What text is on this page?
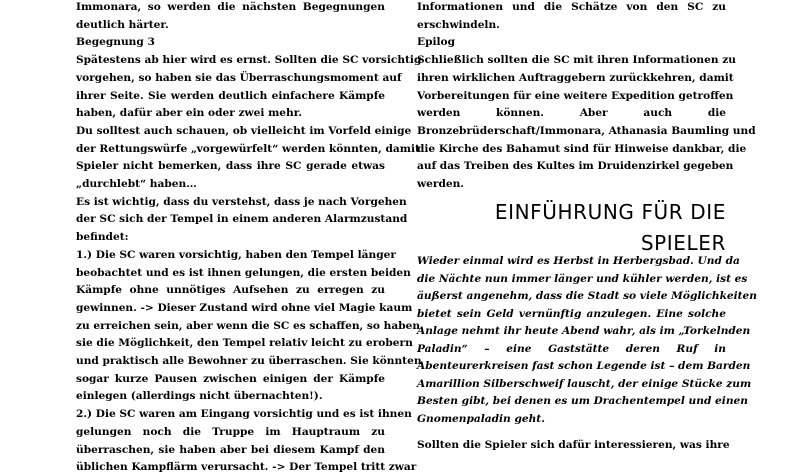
Immonara, so werden die nächsten Begegnungen
deutlich härter.
Begegnung 3
Spätestens ab hier wird es ernst. Sollten die SC vorsichtig
vorgehen, so haben sie das Überraschungsmoment auf
ihrer Seite. Sie werden deutlich einfachere Kämpfe
haben, dafür aber ein oder zwei mehr.
Du solltest auch schauen, ob vielleicht im Vorfeld einige
der Rettungswürfe „vorgewürfelt“ werden könnten, damit
Spieler nicht bemerken, dass ihre SC gerade etwas
„durchlebt“ haben…
Es ist wichtig, dass du verstehst, dass je nach Vorgehen
der SC sich der Tempel in einem anderen Alarmzustand
befindet:
1.) Die SC waren vorsichtig, haben den Tempel länger
beobachtet und es ist ihnen gelungen, die ersten beiden
Kämpfe ohne unnötiges Aufsehen zu erregen zu
gewinnen. -> Dieser Zustand wird ohne viel Magie kaum
zu erreichen sein, aber wenn die SC es schaffen, so haben
sie die Möglichkeit, den Tempel relativ leicht zu erobern
und praktisch alle Bewohner zu überraschen. Sie könnten
sogar kurze Pausen zwischen einigen der Kämpfe
einlegen (allerdings nicht übernachten!).
2.) Die SC waren am Eingang vorsichtig und es ist ihnen
gelungen noch die Truppe im Hauptraum zu
überraschen, sie haben aber bei diesem Kampf den
üblichen Kampflärm verursacht. -> Der Tempel tritt zwar
Informationen und die Schätze von den SC zu
erschwindeln.
Epilog
Schließlich sollten die SC mit ihren Informationen zu
ihren wirklichen Auftraggebern zurückkehren, damit
Vorbereitungen für eine weitere Expedition getroffen
werden können. Aber auch die
Bronzebrüderschaft/Immonara, Athanasia Baumling und
die Kirche des Bahamut sind für Hinweise dankbar, die
auf das Treiben des Kultes im Druidenzirkel gegeben
werden.
EINFÜHRUNG FÜR DIE
SPIELER
Wieder einmal wird es Herbst in Herbergsbad. Und da
die Nächte nun immer länger und kühler werden, ist es
äußerst angenehm, dass die Stadt so viele Möglichkeiten
bietet sein Geld vernünftig anzulegen. Eine solche
Anlage nehmt ihr heute Abend wahr, als im „Torkelnden
Paladin“ – eine Gaststätte deren Ruf in
Abenteurerkreisen fast schon Legende ist – dem Barden
Amarillion Silberschweif lauscht, der einige Stücke zum
Besten gibt, bei denen es um Drachentempel und einen
Gnomenpaladin geht.
Sollten die Spieler sich dafür interessieren, was ihre
